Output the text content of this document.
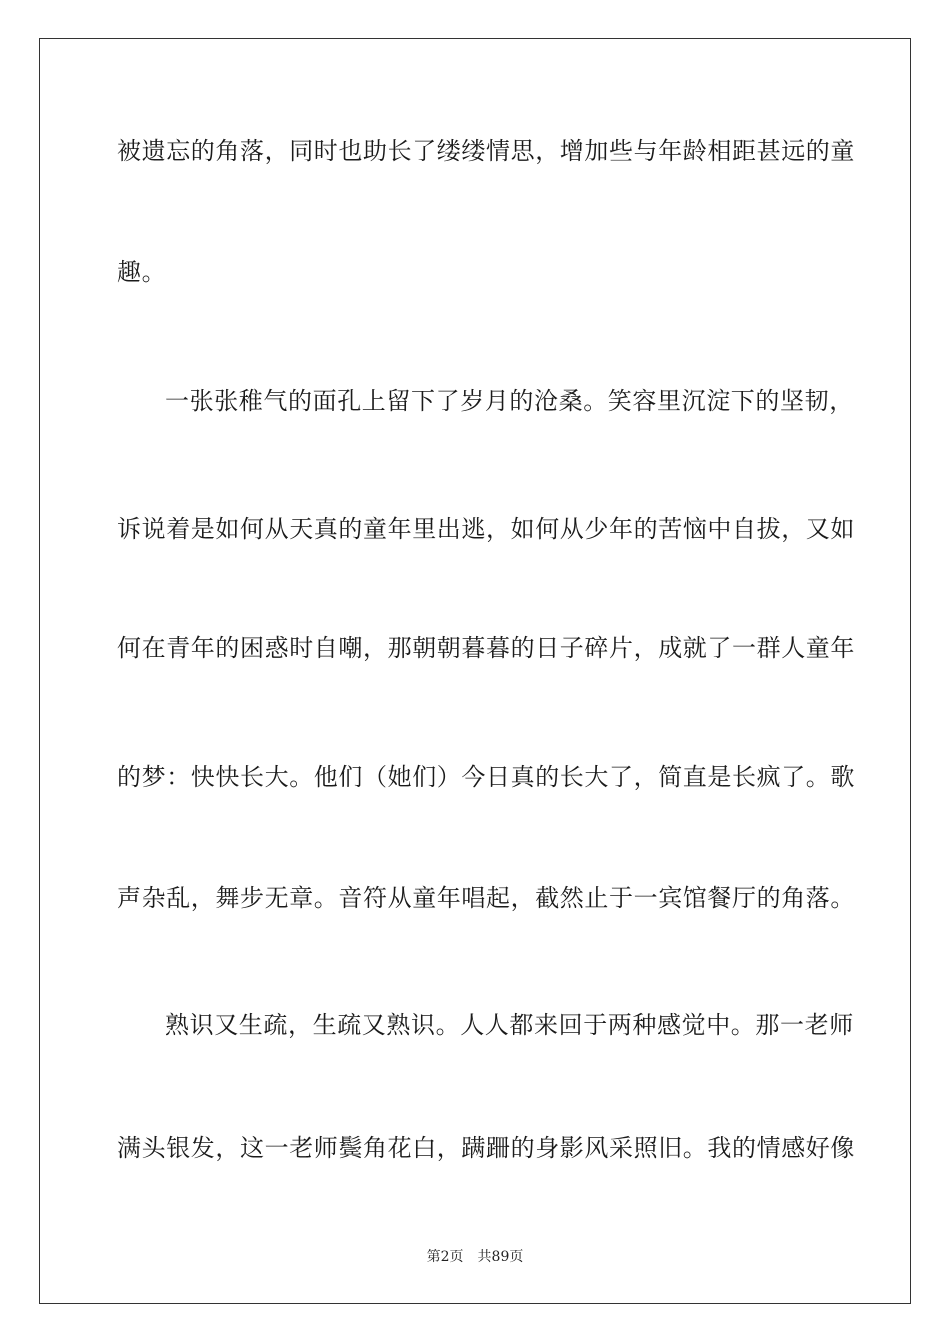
被遗忘的角落，同时也助长了缕缕情思，增加些与年龄相距甚远的童
趣。
一张张稚气的面孔上留下了岁月的沧桑。笑容里沉淀下的坚韧，
诉说着是如何从天真的童年里出逃，如何从少年的苦恼中自拔，又如
何在青年的困惑时自嘲，那朝朝暮暮的日子碎片，成就了一群人童年
的梦：快快长大。他们（她们）今日真的长大了，简直是长疯了。歌
声杂乱，舞步无章。音符从童年唱起，截然止于一宾馆餐厅的角落。
熟识又生疏，生疏又熟识。人人都来回于两种感觉中。那一老师
满头银发，这一老师鬓角花白，蹒跚的身影风采照旧。我的情感好像
第2页 共89页
